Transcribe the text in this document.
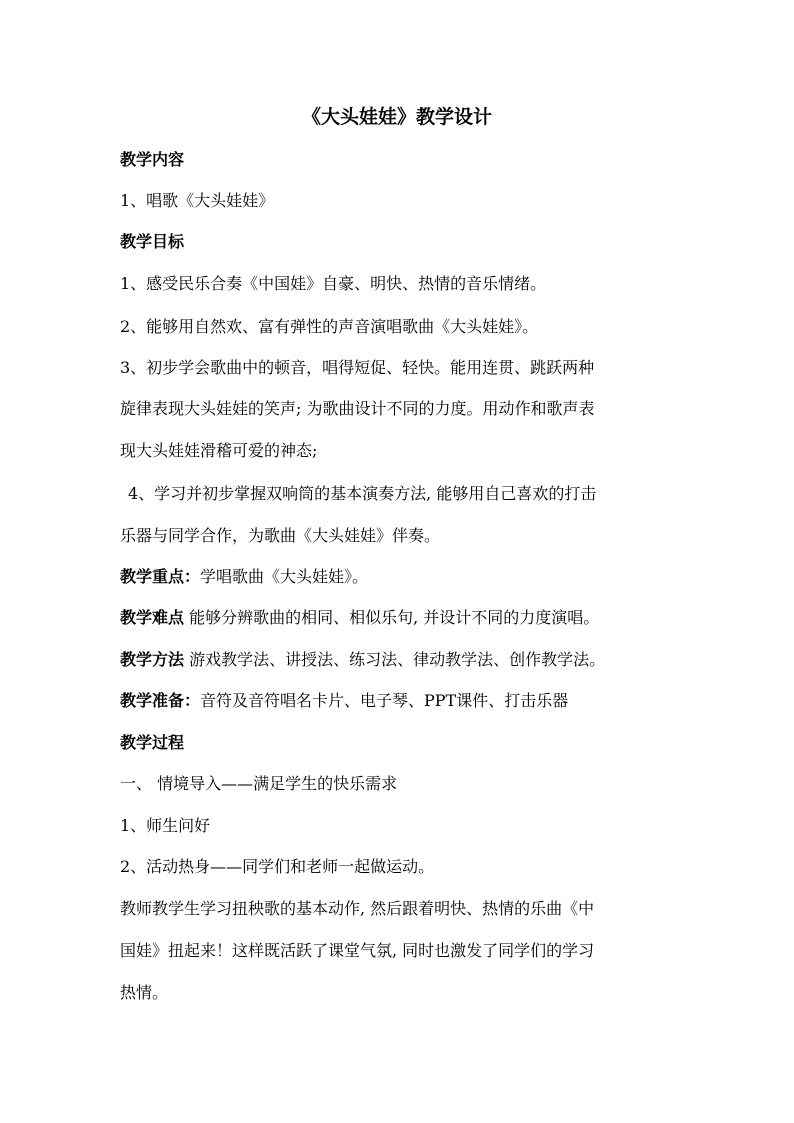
《大头娃娃》教学设计
教学内容
1、唱歌《大头娃娃》
教学目标
1、感受民乐合奏《中国娃》自豪、明快、热情的音乐情绪。
2、能够用自然欢、富有弹性的声音演唱歌曲《大头娃娃》。
3、初步学会歌曲中的顿音，唱得短促、轻快。能用连贯、跳跃两种
旋律表现大头娃娃的笑声; 为歌曲设计不同的力度。用动作和歌声表
现大头娃娃滑稽可爱的神态;
4、学习并初步掌握双响筒的基本演奏方法, 能够用自己喜欢的打击
乐器与同学合作，为歌曲《大头娃娃》伴奏。
教学重点：学唱歌曲《大头娃娃》。
教学难点 能够分辨歌曲的相同、相似乐句, 并设计不同的力度演唱。
教学方法 游戏教学法、讲授法、练习法、律动教学法、创作教学法。
教学准备：音符及音符唱名卡片、电子琴、PPT课件、打击乐器
教学过程
一、 情境导入——满足学生的快乐需求
1、师生问好
2、活动热身——同学们和老师一起做运动。
教师教学生学习扭秧歌的基本动作, 然后跟着明快、热情的乐曲《中
国娃》扭起来！这样既活跃了课堂气氛, 同时也激发了同学们的学习
热情。
